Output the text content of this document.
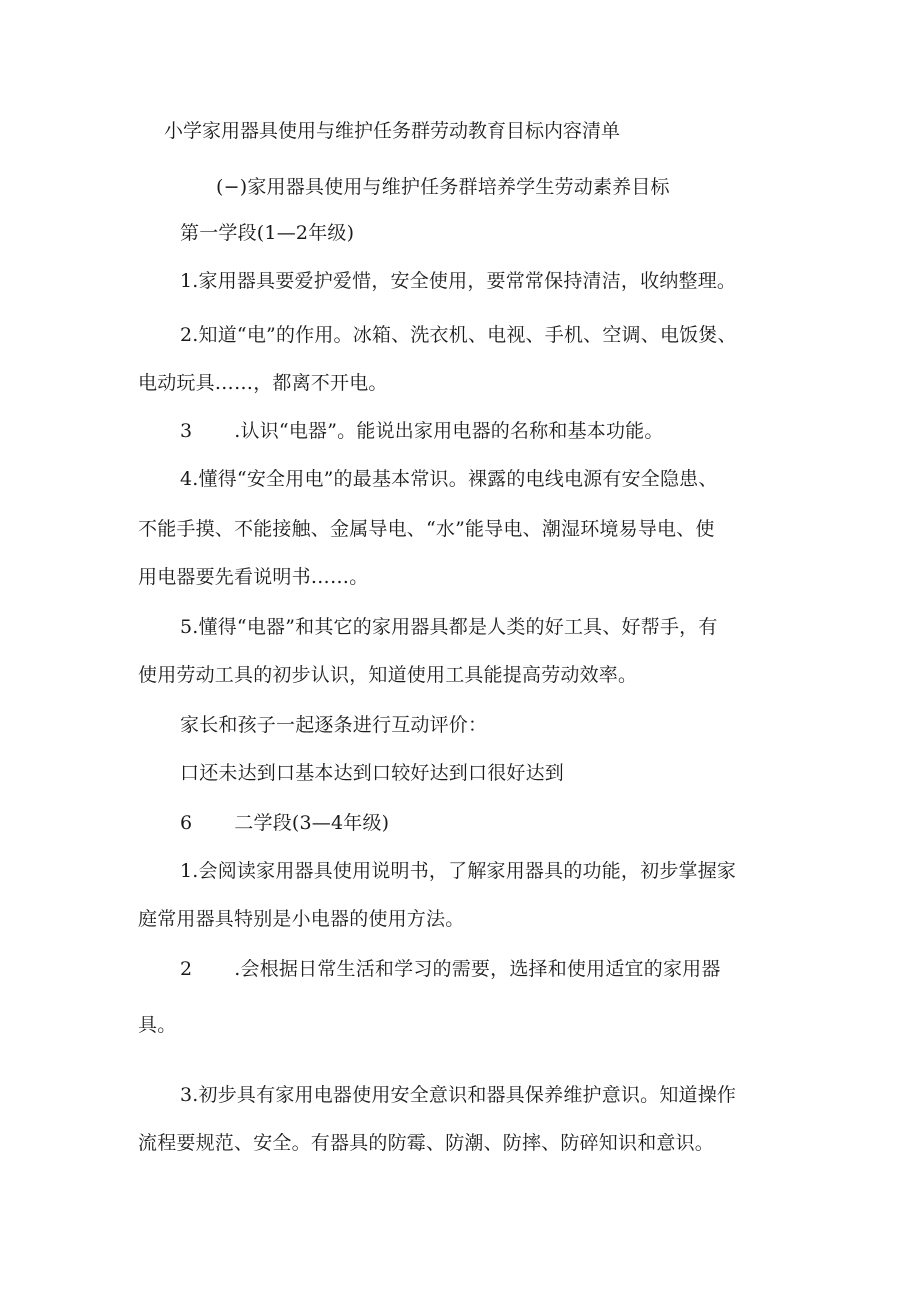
小学家用器具使用与维护任务群劳动教育目标内容清单
(−)家用器具使用与维护任务群培养学生劳动素养目标
第一学段(1—2年级)
1.家用器具要爱护爱惜，安全使用，要常常保持清洁，收纳整理。
2.知道“电”的作用。冰箱、洗衣机、电视、手机、空调、电饭煲、
电动玩具……，都离不开电。
3 .认识“电器”。能说出家用电器的名称和基本功能。
4.懂得“安全用电”的最基本常识。裸露的电线电源有安全隐患、
不能手摸、不能接触、金属导电、“水”能导电、潮湿环境易导电、使
用电器要先看说明书……。
5.懂得“电器”和其它的家用器具都是人类的好工具、好帮手，有
使用劳动工具的初步认识，知道使用工具能提高劳动效率。
家长和孩子一起逐条进行互动评价：
口还未达到口基本达到口较好达到口很好达到
6 二学段(3—4年级)
1.会阅读家用器具使用说明书，了解家用器具的功能，初步掌握家
庭常用器具特别是小电器的使用方法。
2 .会根据日常生活和学习的需要，选择和使用适宜的家用器
具。
3.初步具有家用电器使用安全意识和器具保养维护意识。知道操作
流程要规范、安全。有器具的防霉、防潮、防摔、防碎知识和意识。
